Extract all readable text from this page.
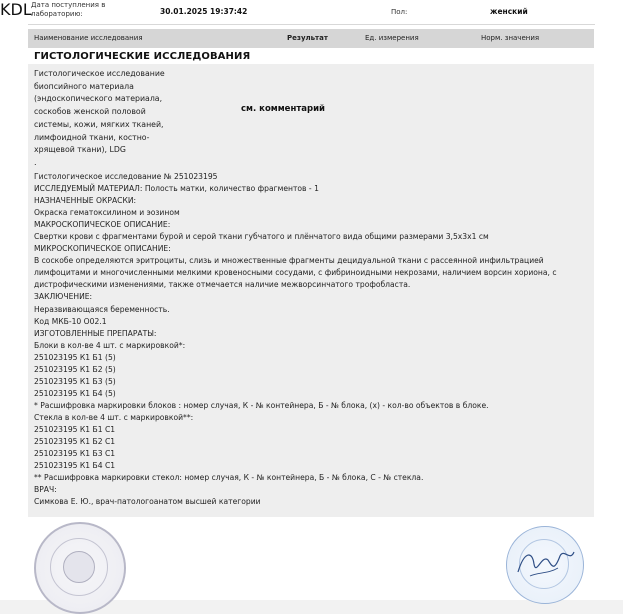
Дата поступления в лабораторию:	30.01.2025 19:37:42	Пол:	женский
Наименование исследования	Результат	Ед. измерения	Норм. значения
ГИСТОЛОГИЧЕСКИЕ ИССЛЕДОВАНИЯ
Гистологическое исследование
биопсийного материала
(эндоскопического материала,
соскобов женской половой
системы, кожи, мягких тканей,
лимфоидной ткани, костно-
хрящевой ткани), LDG
см. комментарий
.
Гистологическое исследование № 251023195
ИССЛЕДУЕМЫЙ МАТЕРИАЛ: Полость матки, количество фрагментов - 1
НАЗНАЧЕННЫЕ ОКРАСКИ:
Окраска гематоксилином и эозином
МАКРОСКОПИЧЕСКОЕ ОПИСАНИЕ:
Свертки крови с фрагментами бурой и серой ткани губчатого и плёнчатого вида общими размерами 3,5х3х1 см
МИКРОСКОПИЧЕСКОЕ ОПИСАНИЕ:
В соскобе определяются эритроциты, слизь и множественные фрагменты децидуальной ткани с рассеянной инфильтрацией
лимфоцитами и многочисленными мелкими кровеносными сосудами, с фибриноидными некрозами, наличием ворсин хориона, с
дистрофическими изменениями, также отмечается наличие межворсинчатого трофобласта.
ЗАКЛЮЧЕНИЕ:
Неразвивающаяся беременность.
Код МКБ-10 O02.1
ИЗГОТОВЛЕННЫЕ ПРЕПАРАТЫ:
Блоки в кол-ве 4 шт. с маркировкой*:
251023195 К1 Б1 (5)
251023195 К1 Б2 (5)
251023195 К1 Б3 (5)
251023195 К1 Б4 (5)
* Расшифровка маркировки блоков : номер случая, К - № контейнера, Б - № блока, (х) - кол-во объектов в блоке.
Стекла в кол-ве 4 шт. с маркировкой**:
251023195 К1 Б1 С1
251023195 К1 Б2 С1
251023195 К1 Б3 С1
251023195 К1 Б4 С1
** Расшифровка маркировки стекол: номер случая, К - № контейнера, Б - № блока, С - № стекла.
ВРАЧ:
Симкова Е. Ю., врач-патологоанатом высшей категории
KDL
